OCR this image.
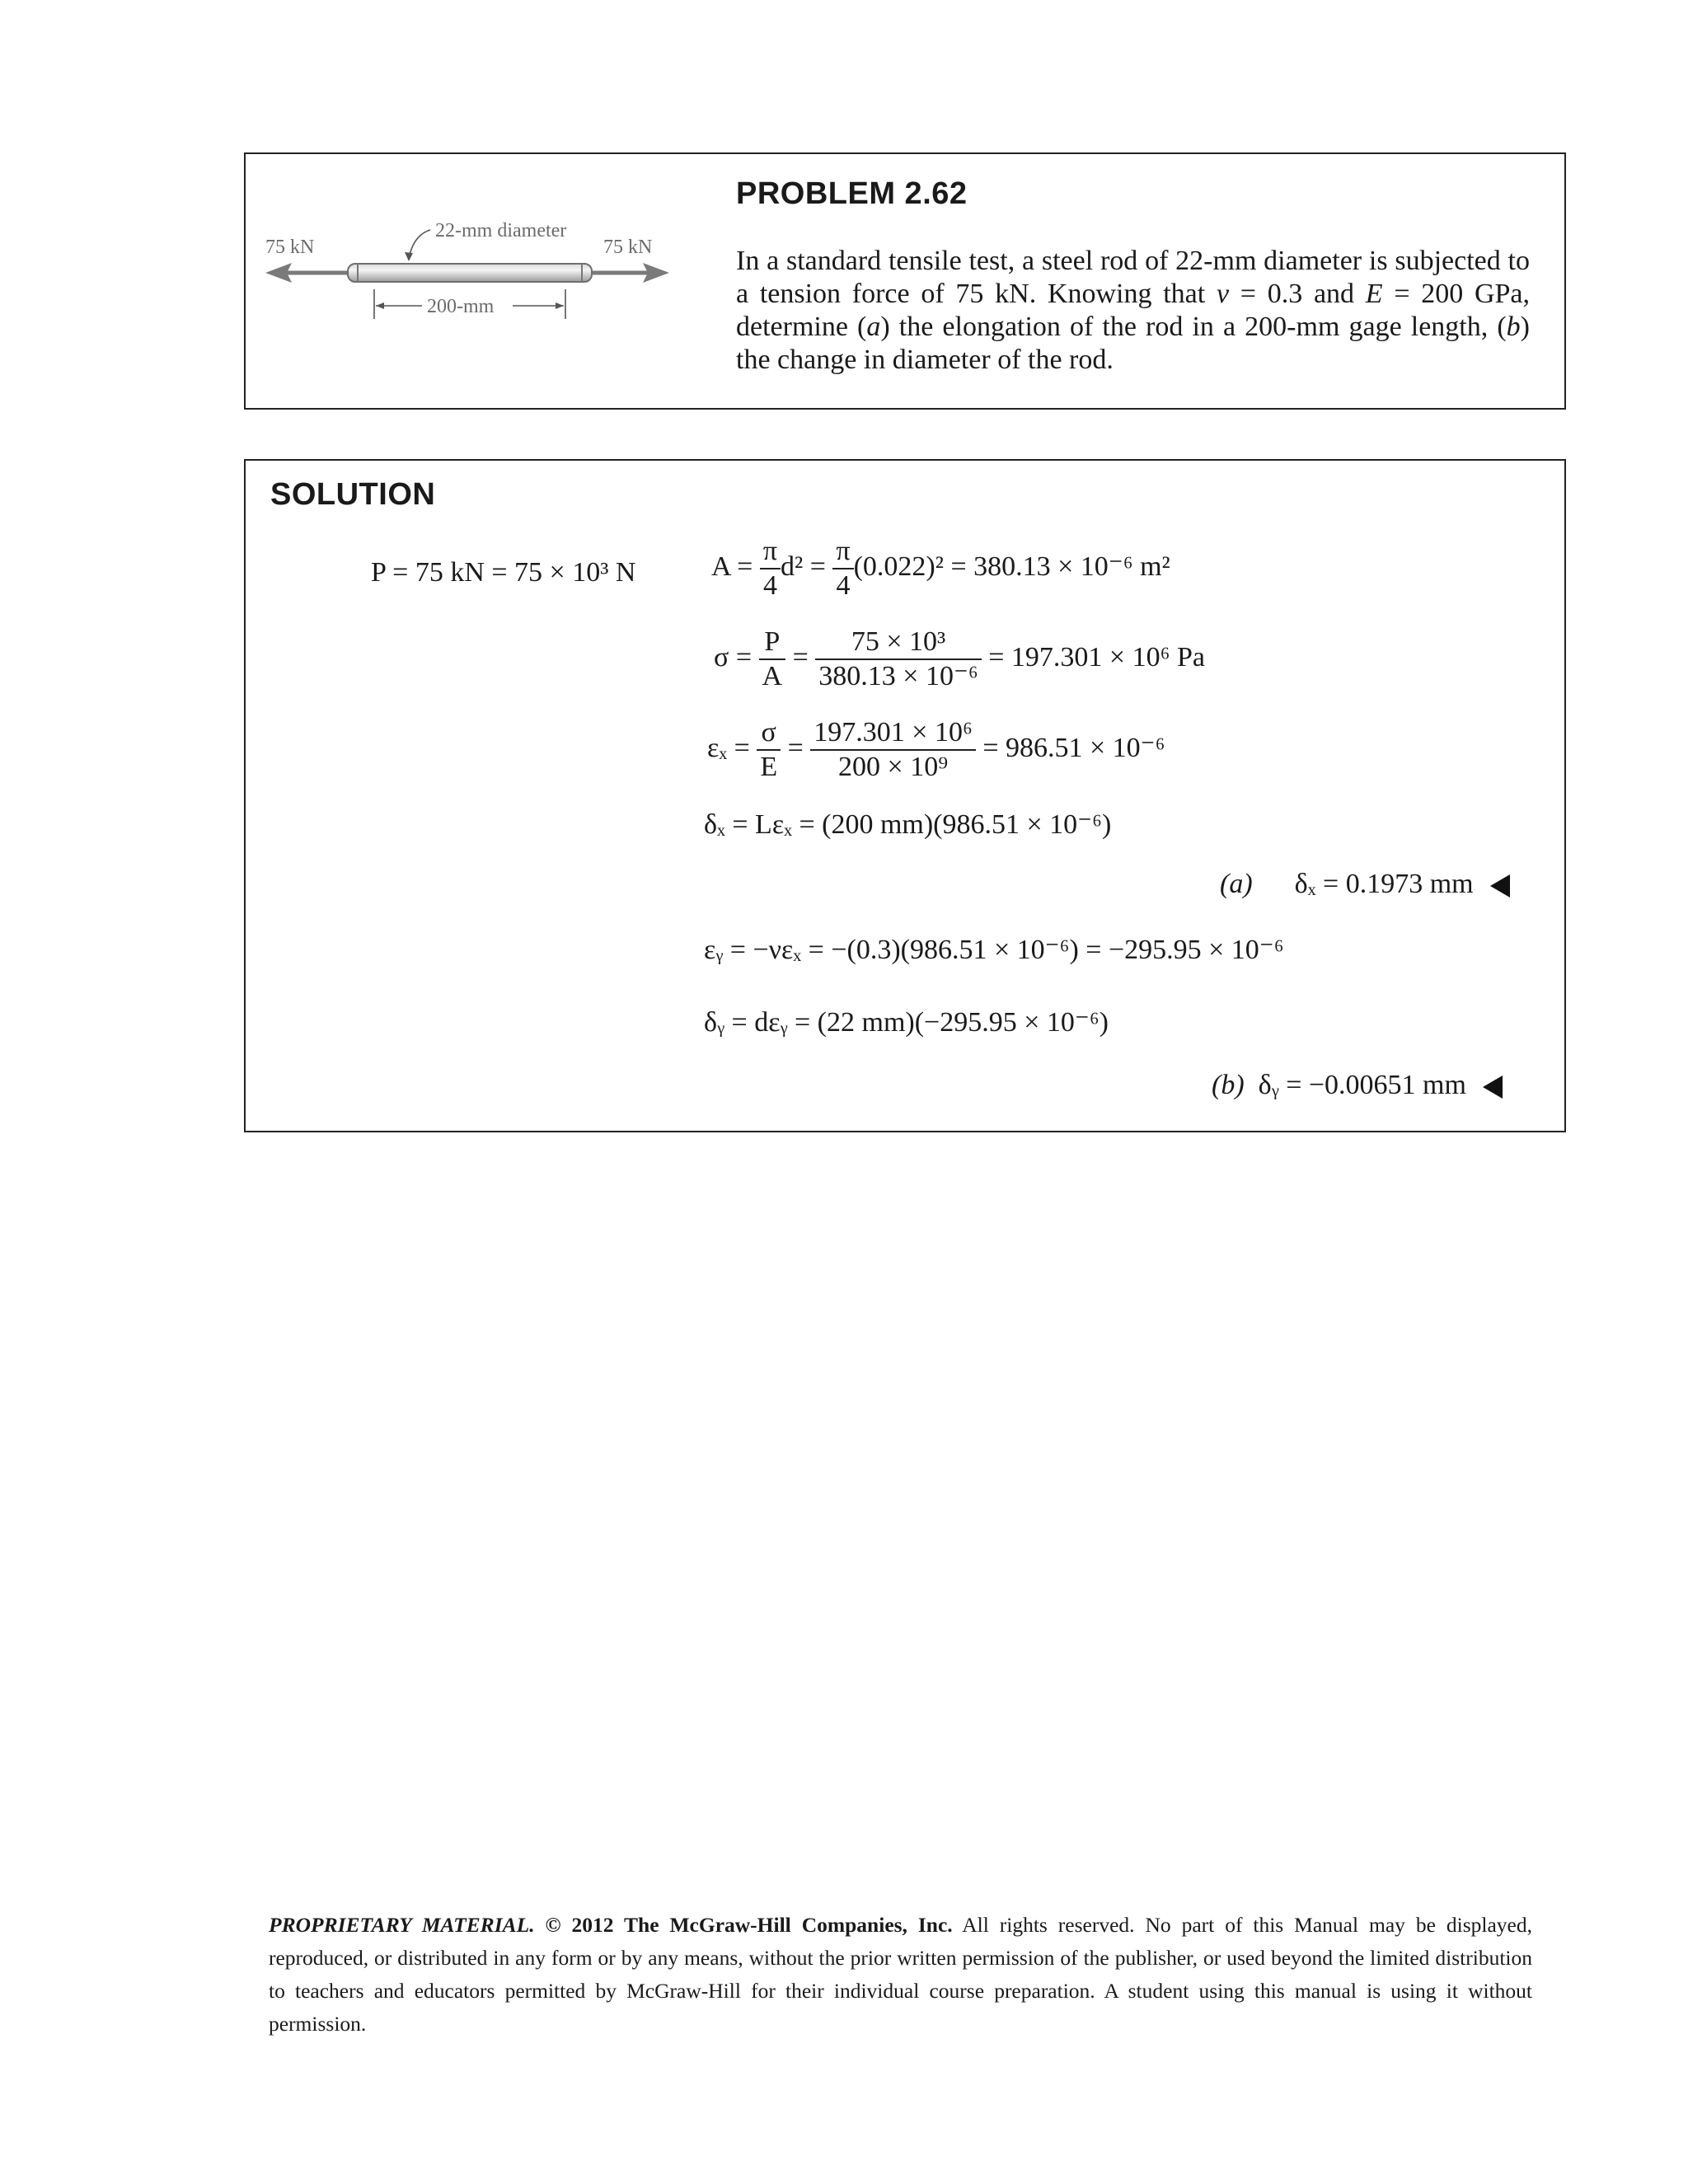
PROBLEM 2.62
In a standard tensile test, a steel rod of 22-mm diameter is subjected to a tension force of 75 kN. Knowing that ν = 0.3 and E = 200 GPa, determine (a) the elongation of the rod in a 200-mm gage length, (b) the change in diameter of the rod.
75 kN	75 kN
22-mm diameter
200-mm
SOLUTION
P = 75 kN = 75 × 10³ N	$A = \frac{\pi}{4} d^2 = \frac{\pi}{4} (0.022)^2 = 380.13 \times 10^{-6}$ m²
$\sigma = \frac{P}{A} = \frac{\text{75 × 10³}}{\text{380.13 × 10⁻⁶}} = 197.301 \times 10^6$ Pa
$\varepsilon_x = \frac{\sigma}{E} = \frac{\text{197.301 × 10⁶}}{\text{200 × 10⁹}} = 986.51 \times 10^{-6}$
δₓ = Lεₓ = (200 mm)(986.51 × 10⁻⁶)
(a) δₓ = 0.1973 mm
εᵧ = −νεₓ = −(0.3)(986.51 × 10⁻⁶) = −295.95 × 10⁻⁶
δᵧ = dεᵧ = (22 mm)(−295.95 × 10⁻⁶)
(b) δᵧ = −0.00651 mm
PROPRIETARY MATERIAL. © 2012 The McGraw-Hill Companies, Inc. All rights reserved. No part of this Manual may be displayed, reproduced, or distributed in any form or by any means, without the prior written permission of the publisher, or used beyond the limited distribution to teachers and educators permitted by McGraw-Hill for their individual course preparation. A student using this manual is using it without permission.
